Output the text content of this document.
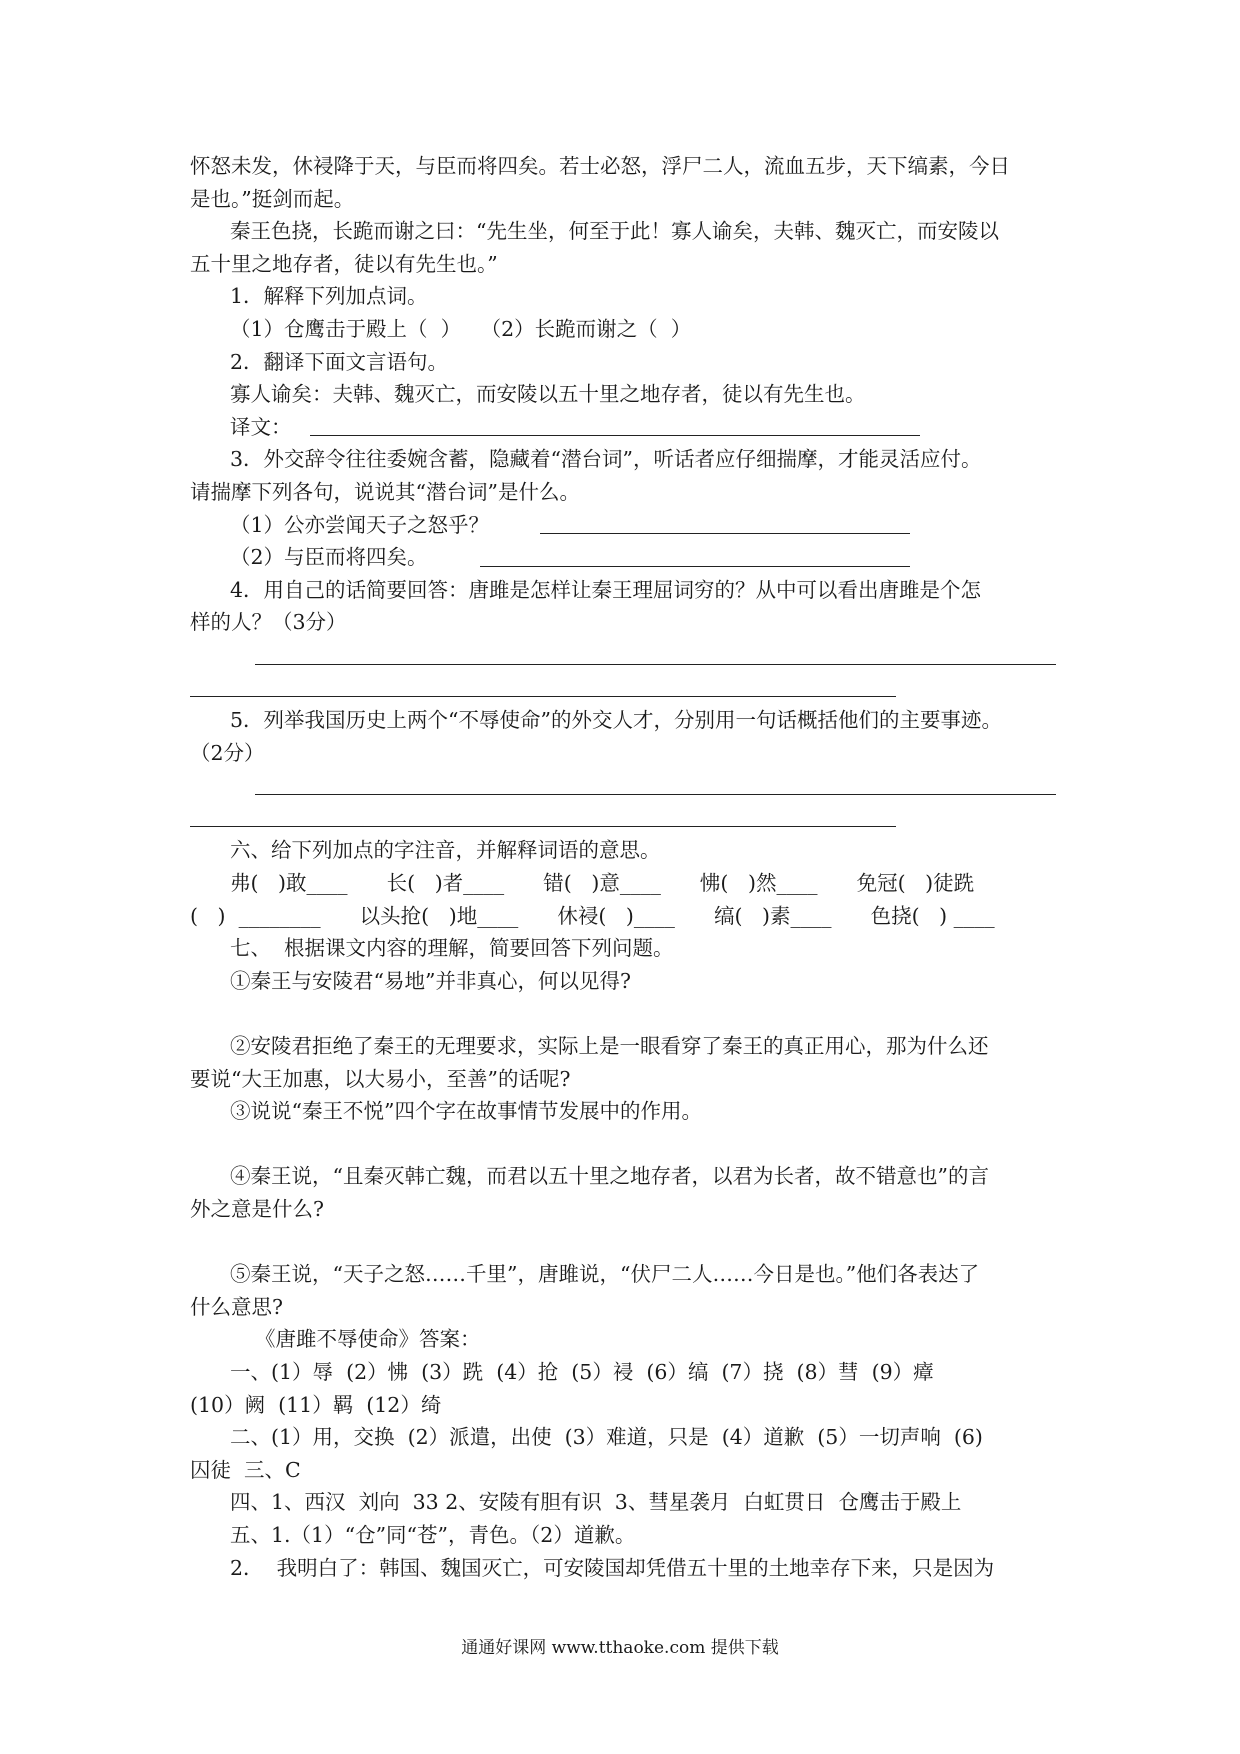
怀怒未发，休祲降于天，与臣而将四矣。若士必怒，浮尸二人，流血五步，天下缟素，今日
是也。”挺剑而起。
秦王色挠，长跪而谢之曰：“先生坐，何至于此！寡人谕矣，夫韩、魏灭亡，而安陵以
五十里之地存者，徒以有先生也。”
1．解释下列加点词。
（1）仓鹰击于殿上（  ）   （2）长跪而谢之（  ）
2．翻译下面文言语句。
寡人谕矣：夫韩、魏灭亡，而安陵以五十里之地存者，徒以有先生也。
译文：
3．外交辞令往往委婉含蓄，隐藏着“潜台词”，听话者应仔细揣摩，才能灵活应付。
请揣摩下列各句，说说其“潜台词”是什么。
（1）公亦尝闻天子之怒乎？
（2）与臣而将四矣。
4．用自己的话简要回答：唐雎是怎样让秦王理屈词穷的？从中可以看出唐雎是个怎
样的人？（3分）
5．列举我国历史上两个“不辱使命”的外交人才，分别用一句话概括他们的主要事迹。
（2分）
六、给下列加点的字注音，并解释词语的意思。
弗(   )敢____      长(   )者____      错(   )意____      怫(   )然____      免冠(   )徒跣
(   )  ________      以头抢(   )地____      休祲(   )____      缟(   )素____      色挠(   ) ____
七、  根据课文内容的理解，简要回答下列问题。
①秦王与安陵君“易地”并非真心，何以见得?
②安陵君拒绝了秦王的无理要求，实际上是一眼看穿了秦王的真正用心，那为什么还
要说“大王加惠，以大易小，至善”的话呢?
③说说“秦王不悦”四个字在故事情节发展中的作用。
④秦王说，“且秦灭韩亡魏，而君以五十里之地存者，以君为长者，故不错意也”的言
外之意是什么?
⑤秦王说，“天子之怒……千里”，唐雎说，“伏尸二人……今日是也。”他们各表达了
什么意思?
《唐雎不辱使命》答案：
一、(1）辱  (2）怫  (3）跣  (4）抢  (5）祲  (6）缟  (7）挠  (8）彗  (9）瘴
(10）阙  (11）羁  (12）绮
二、(1）用，交换  (2）派遣，出使  (3）难道，只是  (4）道歉  (5）一切声响  (6)
囚徒  三、C
四、1、西汉  刘向  33 2、安陵有胆有识  3、彗星袭月  白虹贯日  仓鹰击于殿上
五、1.（1）“仓”同“苍”，青色。（2）道歉。
2．  我明白了：韩国、魏国灭亡，可安陵国却凭借五十里的土地幸存下来，只是因为
通通好课网 www.tthaoke.com 提供下载
